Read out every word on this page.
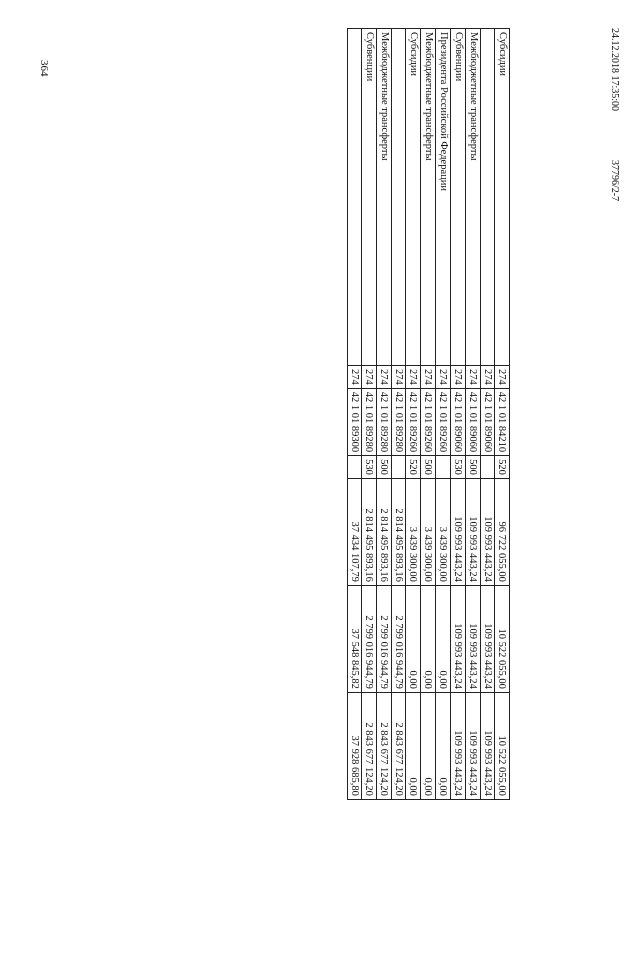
364	24.12.2018 17:35:00
37796/2-7
Субсидии	274	42 1 01 84210	520	96 722 055,00	10 522 055,00	10 522 055,00
	274	42 1 01 89060		109 993 443,24	109 993 443,24	109 993 443,24
Межбюджетные трансферты	274	42 1 01 89060	500	109 993 443,24	109 993 443,24	109 993 443,24
Субвенции	274	42 1 01 89060	530	109 993 443,24	109 993 443,24	109 993 443,24
Президента Российской Федерации	274	42 1 01 89260		3 439 300,00	0,00	0,00
Межбюджетные трансферты	274	42 1 01 89260	500	3 439 300,00	0,00	0,00
Субсидии	274	42 1 01 89260	520	3 439 300,00	0,00	0,00
	274	42 1 01 89280		2 814 495 893,16	2 799 016 944,79	2 843 677 124,20
Межбюджетные трансферты	274	42 1 01 89280	500	2 814 495 893,16	2 799 016 944,79	2 843 677 124,20
Субвенции	274	42 1 01 89280	530	2 814 495 893,16	2 799 016 944,79	2 843 677 124,20
	274	42 1 01 89300		37 434 107,79	37 548 845,82	37 928 685,80
